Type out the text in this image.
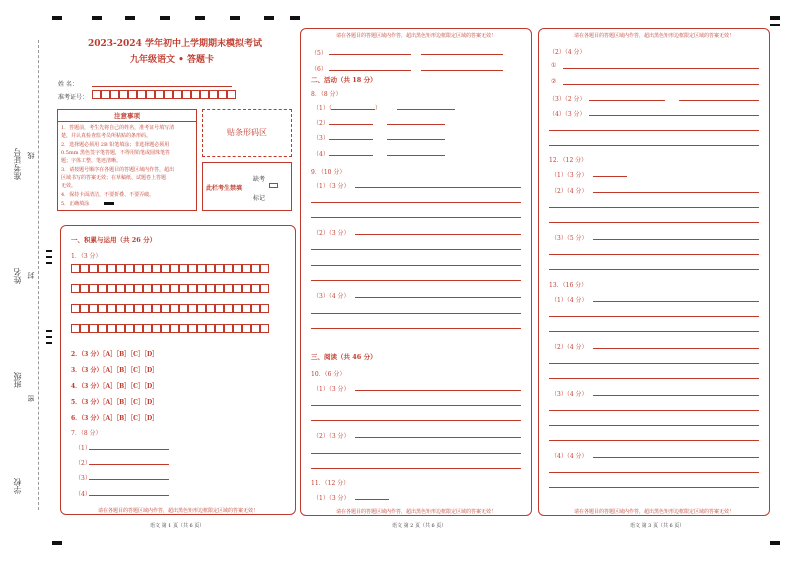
准考证号 线
姓名 封
班级
密
学校
2023-2024 学年初中上学期期末模拟考试
九年级语文 • 答题卡
姓 名：
准考证号：
注意事项
1．答题前，考生先将自己的姓名，准考证号填写清
楚，并认真检查监考员所粘贴的条形码。
2．选择题必须用 2B 铅笔填涂；非选择题必须用
0.5mm 黑色签字笔答题，不得用铅笔或圆珠笔答
题；字体工整、笔迹清晰。
3．请按题号顺序在各题目的答题区域内作答，超出
区域书写的答案无效；在草稿纸、试题卷上答题
无效。
4．保持卡面清洁，不要折叠、不要弄破。
5．正确填涂
贴条形码区
此栏考生禁填
缺考
标记
一、积累与运用（共 26 分）
1．（3 分）
2．（3 分）［A］［B］［C］［D］
3．（3 分）［A］［B］［C］［D］
4．（3 分）［A］［B］［C］［D］
5．（3 分）［A］［B］［C］［D］
6．（3 分）［A］［B］［C］［D］
7．（8 分）
（1）
（2）
（3）
（4）
请在各题目的答题区域内作答，超出黑色矩形边框限定区域的答案无效！
语文 第 1 页（共 6 页）
请在各题目的答题区域内作答，超出黑色矩形边框限定区域的答案无效！
（5）
（6）
二、活动（共 18 分）
8．（8 分）
（1）（	）
（2）
（3）
（4）
9．（10 分）
（1）（3 分）
（2）（3 分）
（3）（4 分）
三、阅读（共 46 分）
10．（6 分）
（1）（3 分）
（2）（3 分）
11．（12 分）
（1）（3 分）
请在各题目的答题区域内作答，超出黑色矩形边框限定区域的答案无效！
语文 第 2 页（共 6 页）
请在各题目的答题区域内作答，超出黑色矩形边框限定区域的答案无效！
（2）（4 分）
①
②
（3）（2 分）
（4）（3 分）
12．（12 分）
（1）（3 分）
（2）（4 分）
（3）（5 分）
13．（16 分）
（1）（4 分）
（2）（4 分）
（3）（4 分）
（4）（4 分）
请在各题目的答题区域内作答，超出黑色矩形边框限定区域的答案无效！
语文 第 3 页（共 6 页）
